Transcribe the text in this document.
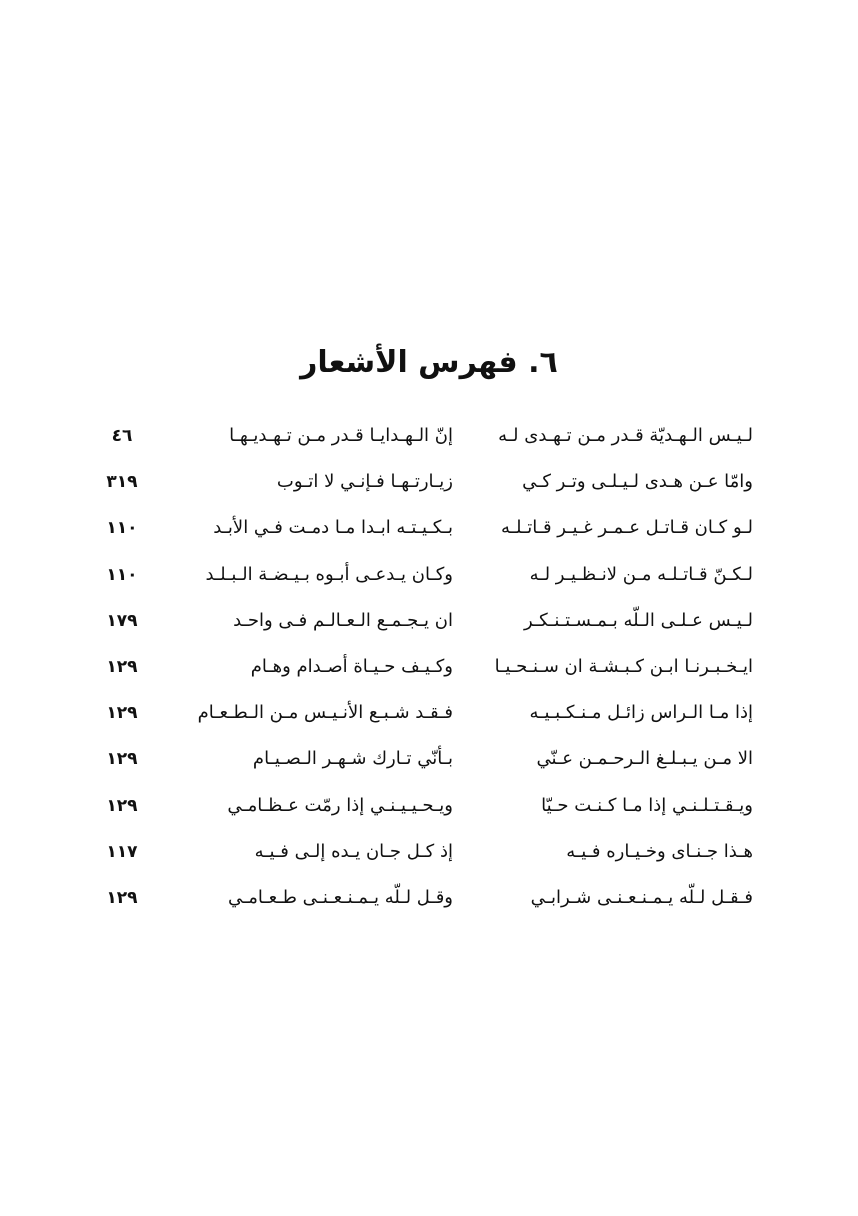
٦. فهرس الأشعار
لـيـس الـهـديّة قـدر مـن تـهـدى لـه
إنّ الـهـدايـا قـدر مـن تـهـديـهـا
٤٦
وامّا عـن هـدى لـيـلـى وتـر كـي
زيـارتـهـا فـإنـي لا اتـوب
٣١٩
لـو كـان قـاتـل عـمـر غـيـر قـاتـلـه
بـكـيـتـه ابـدا مـا دمـت فـي الأبـد
١١٠
لـكـنّ قـاتـلـه مـن لانـظـيـر لـه
وكـان يـدعـى أبـوه بـيـضـة الـبـلـد
١١٠
لـيـس عـلـى الـلّه بـمـسـتـنـكـر
ان يـجـمـع الـعـالـم فـى واحـد
١٧٩
ايـخـبـرنـا ابـن كـبـشـة ان سـنـحـيـا
وكـيـف حـيـاة أصـدام وهـام
١٢٩
إذا مـا الـراس زائـل مـنـكـبـيـه
فـقـد شـبـع الأنـيـس مـن الـطـعـام
١٢٩
الا مـن يـبـلـغ الـرحـمـن عـنّي
بـأنّي تـارك شـهـر الـصـيـام
١٢٩
ويـقـتـلـنـي إذا مـا كـنـت حـيّا
ويـحـيـيـنـي إذا رمّت عـظـامـي
١٢٩
هـذا جـنـاى وخـيـاره فـيـه
إذ كـل جـان يـده إلـى فـيـه
١١٧
فـقـل لـلّه يـمـنـعـنـى شـرابـي
وقـل لـلّه يـمـنـعـنـى طـعـامـي
١٢٩
